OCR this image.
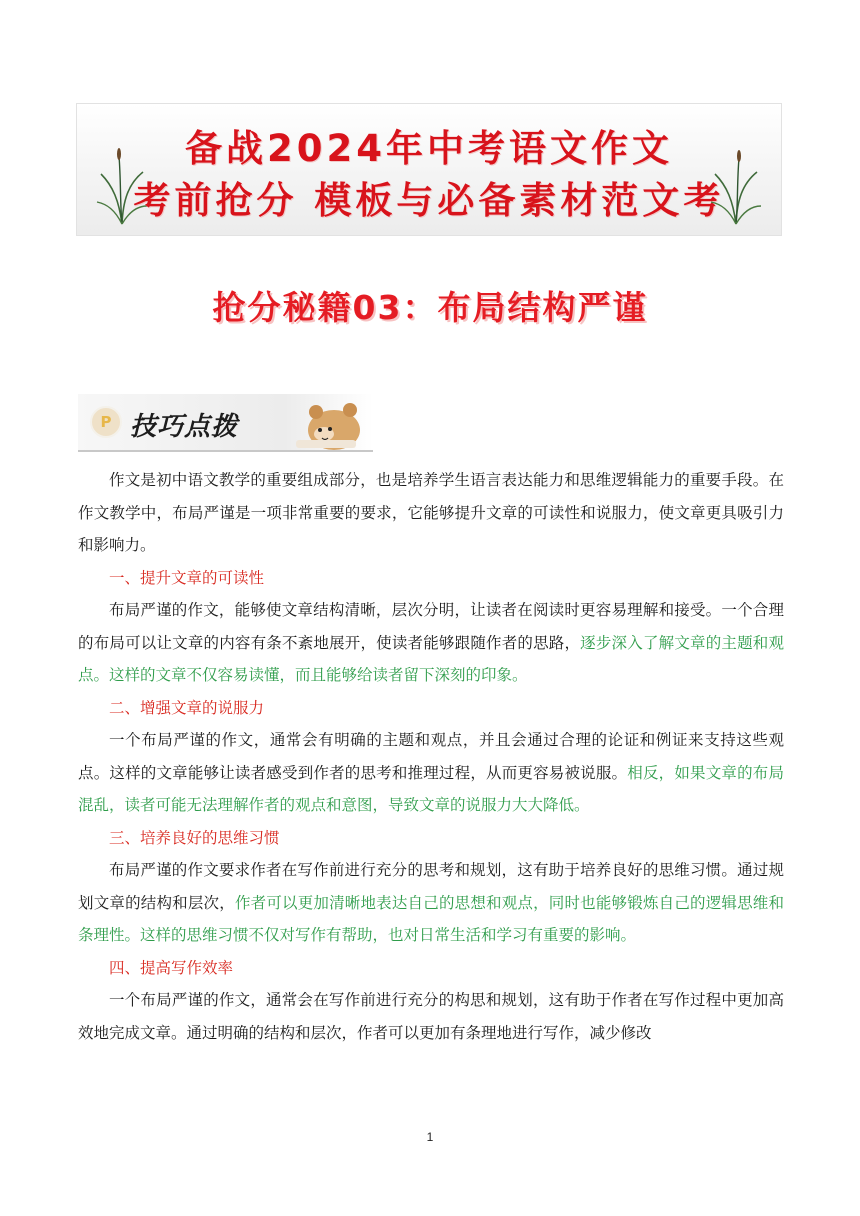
备战2024年中考语文作文
考前抢分 模板与必备素材范文考
抢分秘籍03：布局结构严谨
P 技巧点拨

作文是初中语文教学的重要组成部分，也是培养学生语言表达能力和思维逻辑能力的重要手段。在作文教学中，布局严谨是一项非常重要的要求，它能够提升文章的可读性和说服力，使文章更具吸引力和影响力。

一、提升文章的可读性

布局严谨的作文，能够使文章结构清晰，层次分明，让读者在阅读时更容易理解和接受。一个合理的布局可以让文章的内容有条不紊地展开，使读者能够跟随作者的思路，逐步深入了解文章的主题和观点。这样的文章不仅容易读懂，而且能够给读者留下深刻的印象。

二、增强文章的说服力

一个布局严谨的作文，通常会有明确的主题和观点，并且会通过合理的论证和例证来支持这些观点。这样的文章能够让读者感受到作者的思考和推理过程，从而更容易被说服。相反，如果文章的布局混乱，读者可能无法理解作者的观点和意图，导致文章的说服力大大降低。

三、培养良好的思维习惯

布局严谨的作文要求作者在写作前进行充分的思考和规划，这有助于培养良好的思维习惯。通过规划文章的结构和层次，作者可以更加清晰地表达自己的思想和观点，同时也能够锻炼自己的逻辑思维和条理性。这样的思维习惯不仅对写作有帮助，也对日常生活和学习有重要的影响。

四、提高写作效率

一个布局严谨的作文，通常会在写作前进行充分的构思和规划，这有助于作者在写作过程中更加高效地完成文章。通过明确的结构和层次，作者可以更加有条理地进行写作，减少修改

1
